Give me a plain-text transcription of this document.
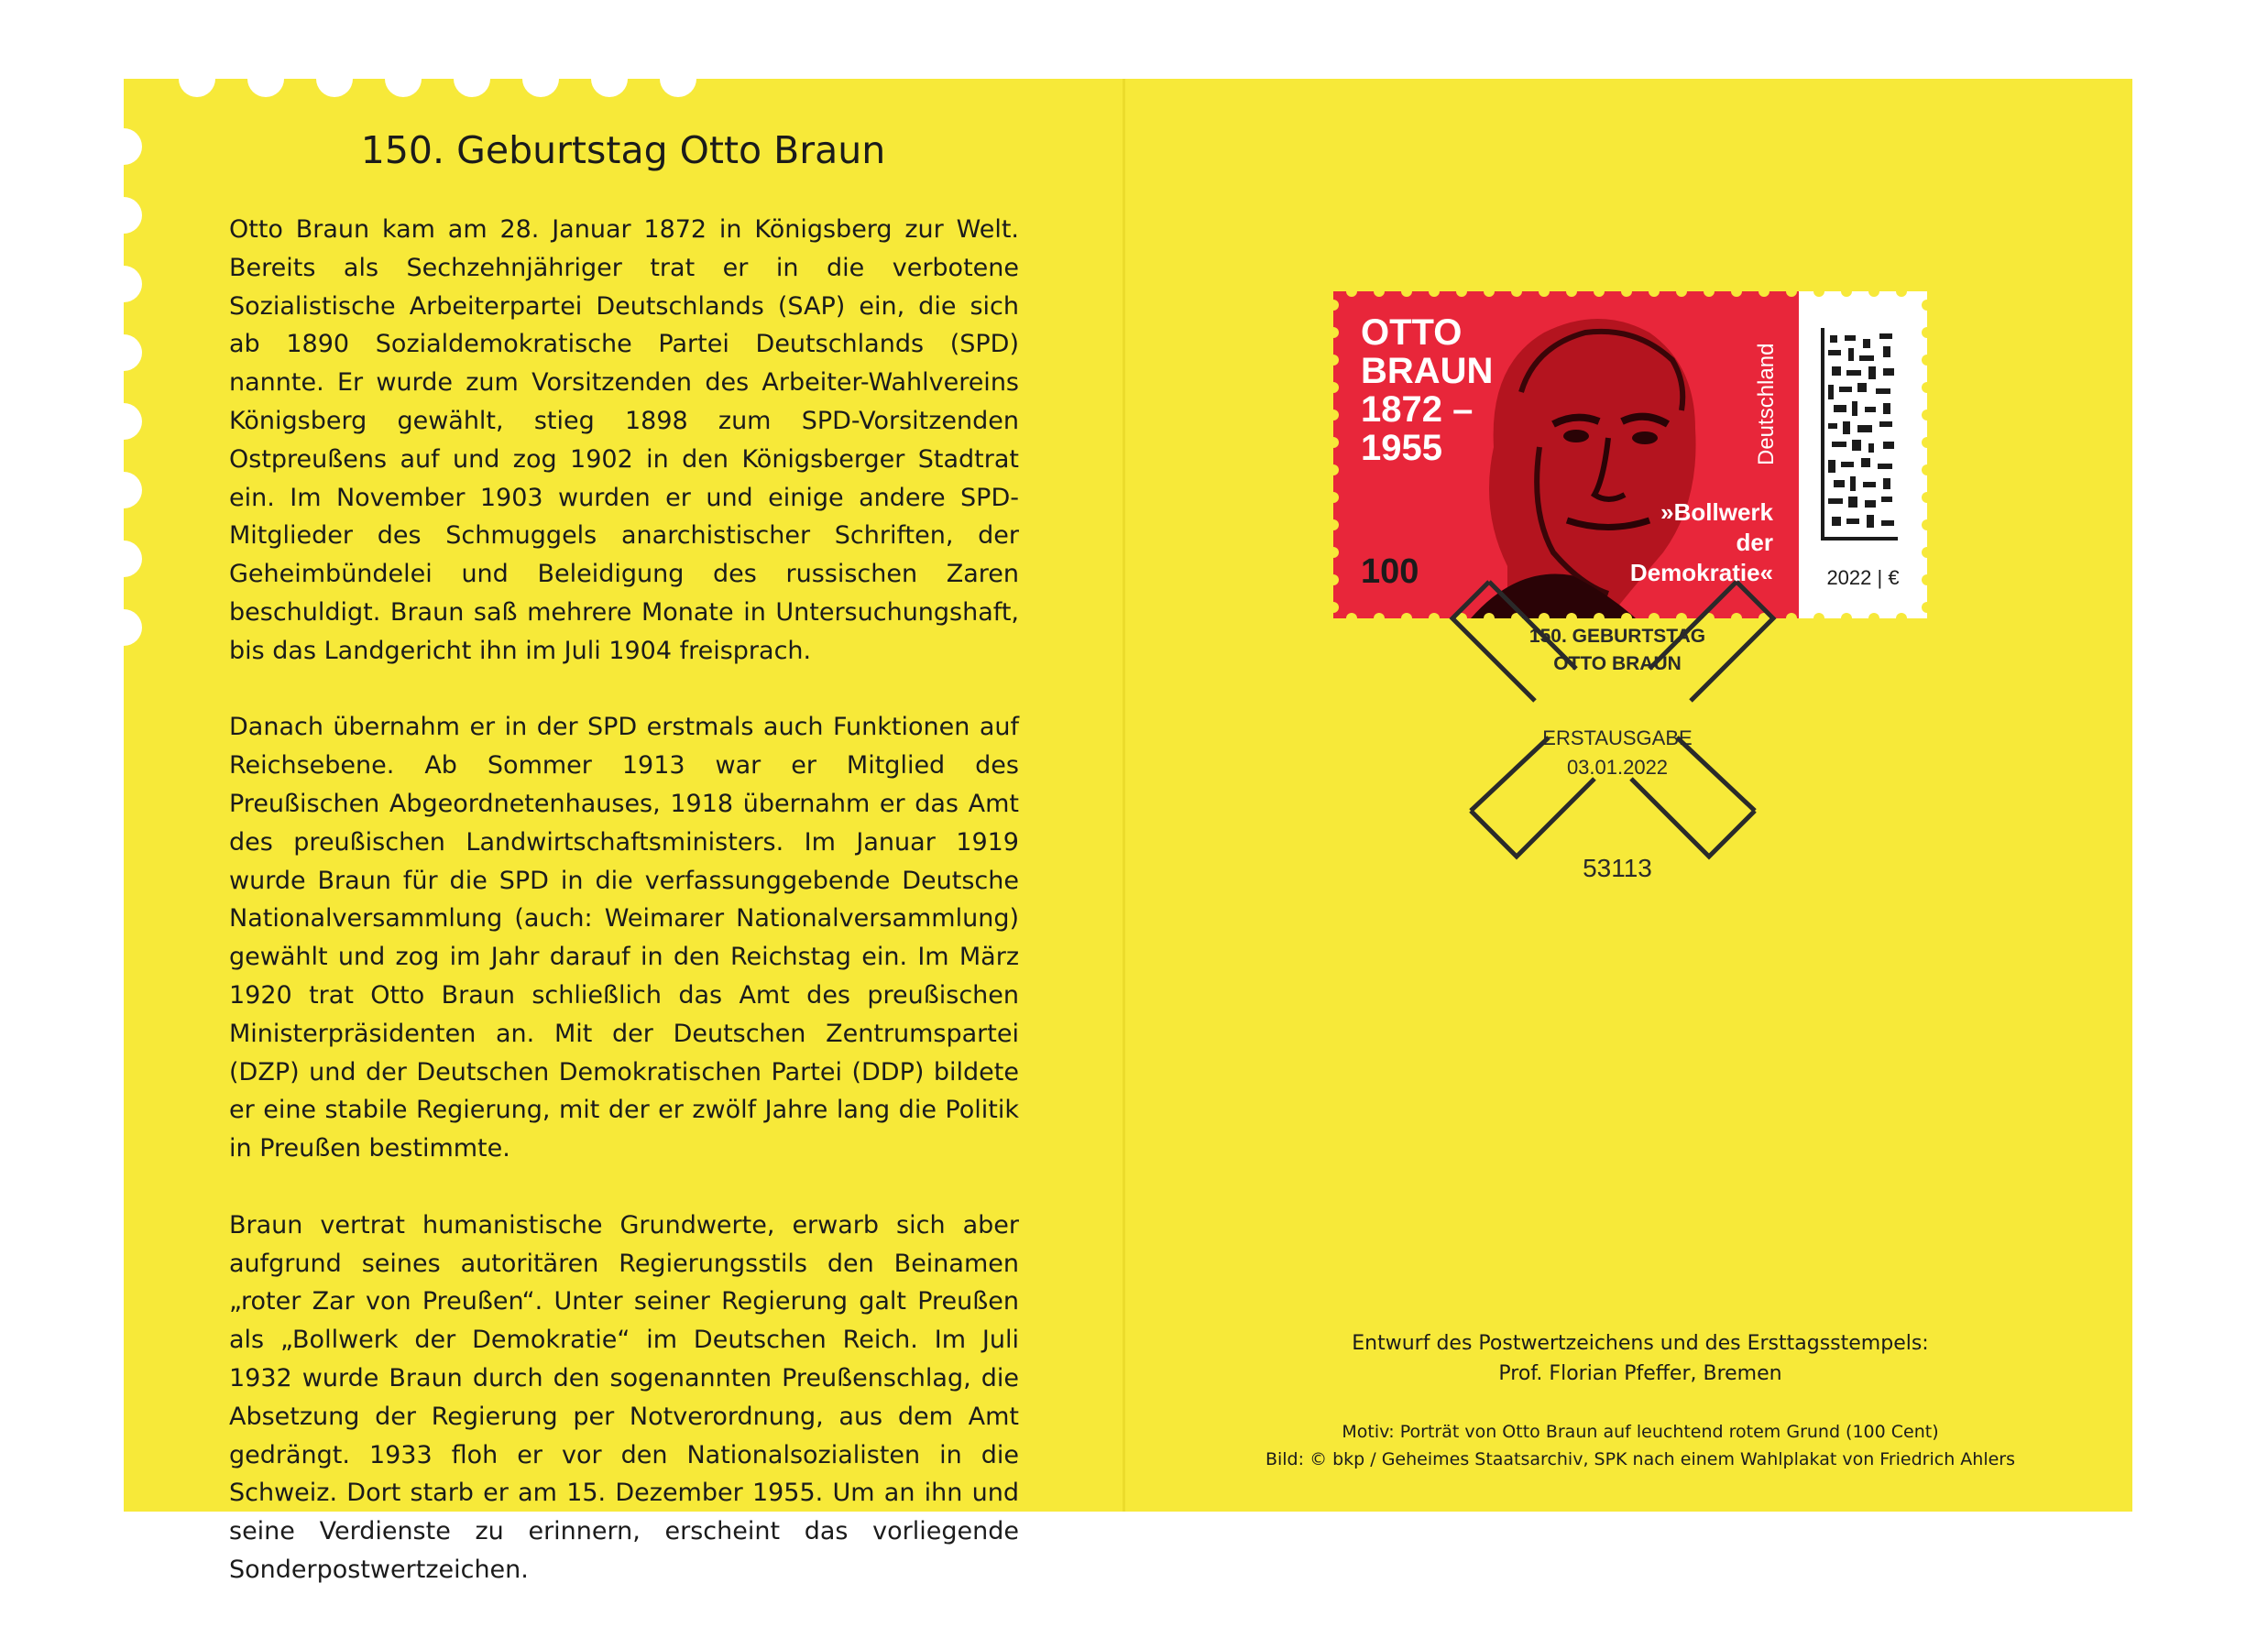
150. Geburtstag Otto Braun

Otto Braun kam am 28. Januar 1872 in Königsberg zur Welt. Bereits als Sechzehnjähriger trat er in die verbotene Sozialistische Arbeiterpartei Deutschlands (SAP) ein, die sich ab 1890 Sozialdemokratische Partei Deutschlands (SPD) nannte. Er wurde zum Vorsitzenden des Arbeiter-Wahlvereins Königsberg gewählt, stieg 1898 zum SPD-Vorsitzenden Ostpreußens auf und zog 1902 in den Königsberger Stadtrat ein. Im November 1903 wurden er und einige andere SPD-Mitglieder des Schmuggels anarchistischer Schriften, der Geheimbündelei und Beleidigung des russischen Zaren beschuldigt. Braun saß mehrere Monate in Untersuchungshaft, bis das Landgericht ihn im Juli 1904 freisprach.

Danach übernahm er in der SPD erstmals auch Funktionen auf Reichsebene. Ab Sommer 1913 war er Mitglied des Preußischen Abgeordnetenhauses, 1918 übernahm er das Amt des preußischen Landwirtschaftsministers. Im Januar 1919 wurde Braun für die SPD in die verfassunggebende Deutsche Nationalversammlung (auch: Weimarer Nationalversammlung) gewählt und zog im Jahr darauf in den Reichstag ein. Im März 1920 trat Otto Braun schließlich das Amt des preußischen Ministerpräsidenten an. Mit der Deutschen Zentrumspartei (DZP) und der Deutschen Demokratischen Partei (DDP) bildete er eine stabile Regierung, mit der er zwölf Jahre lang die Politik in Preußen bestimmte.

Braun vertrat humanistische Grundwerte, erwarb sich aber aufgrund seines autoritären Regierungsstils den Beinamen „roter Zar von Preußen“. Unter seiner Regierung galt Preußen als „Bollwerk der Demokratie“ im Deutschen Reich. Im Juli 1932 wurde Braun durch den sogenannten Preußenschlag, die Absetzung der Regierung per Notverordnung, aus dem Amt gedrängt. 1933 floh er vor den Nationalsozialisten in die Schweiz. Dort starb er am 15. Dezember 1955. Um an ihn und seine Verdienste zu erinnern, erscheint das vorliegende Sonderpostwertzeichen.

OTTO
BRAUN
1872 –
1955
»Bollwerk
der
Demokratie«
100
Deutschland
2022 | €
150. GEBURTSTAG
OTTO BRAUN
ERSTAUSGABE
03.01.2022
53113
Entwurf des Postwertzeichens und des Ersttagsstempels:
Prof. Florian Pfeffer, Bremen
Motiv: Porträt von Otto Braun auf leuchtend rotem Grund (100 Cent)
Bild: © bkp / Geheimes Staatsarchiv, SPK nach einem Wahlplakat von Friedrich Ahlers
